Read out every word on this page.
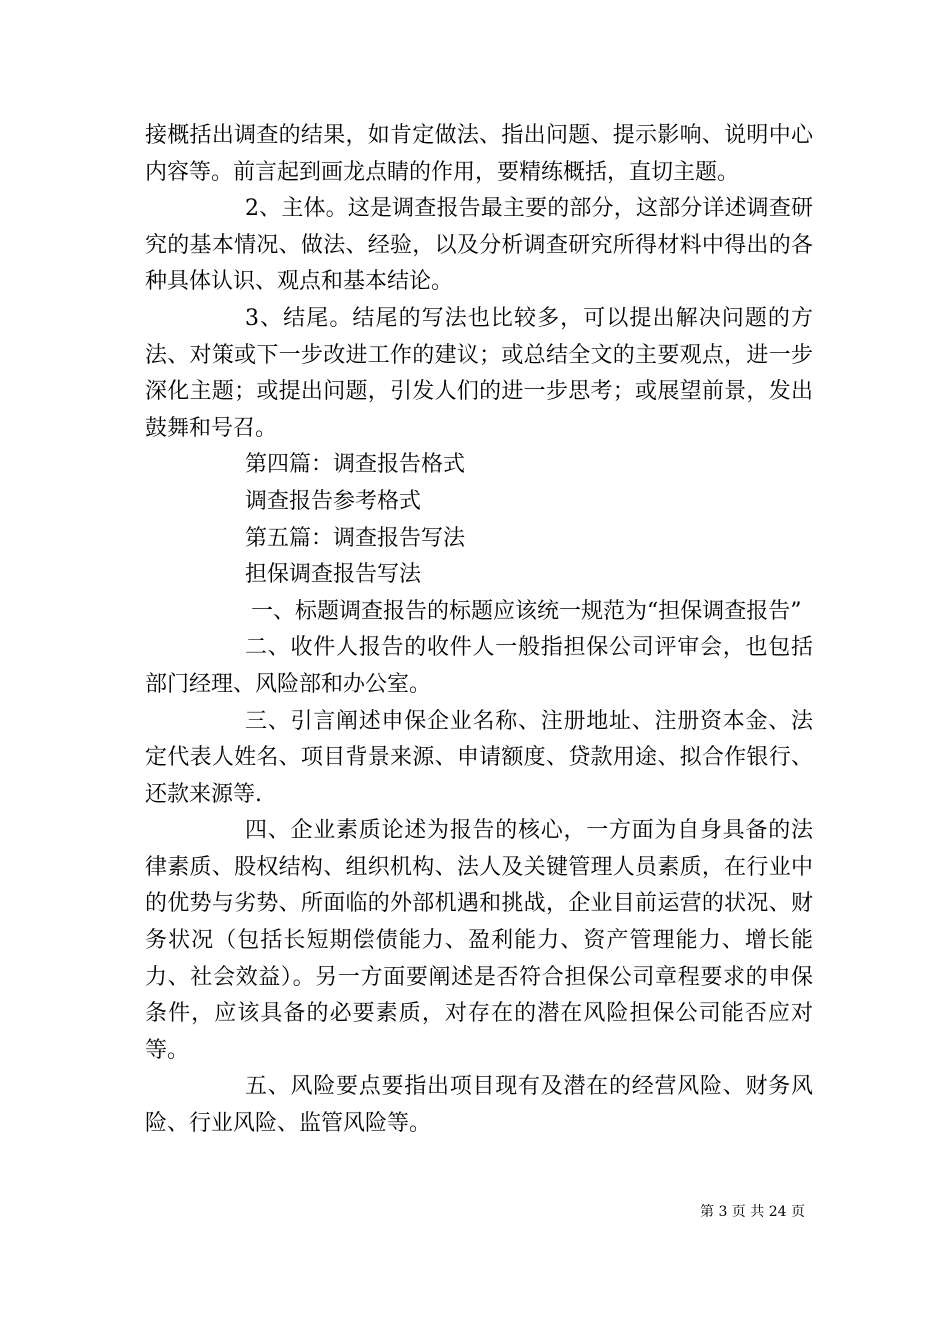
接概括出调查的结果，如肯定做法、指出问题、提示影响、说明中心内容等。前言起到画龙点睛的作用，要精练概括，直切主题。

2、主体。这是调查报告最主要的部分，这部分详述调查研究的基本情况、做法、经验，以及分析调查研究所得材料中得出的各种具体认识、观点和基本结论。

3、结尾。结尾的写法也比较多，可以提出解决问题的方法、对策或下一步改进工作的建议；或总结全文的主要观点，进一步深化主题；或提出问题，引发人们的进一步思考；或展望前景，发出鼓舞和号召。

第四篇：调查报告格式

调查报告参考格式

第五篇：调查报告写法

担保调查报告写法

一、标题调查报告的标题应该统一规范为“担保调查报告”

二、收件人报告的收件人一般指担保公司评审会，也包括部门经理、风险部和办公室。

三、引言阐述申保企业名称、注册地址、注册资本金、法定代表人姓名、项目背景来源、申请额度、贷款用途、拟合作银行、还款来源等.

四、企业素质论述为报告的核心，一方面为自身具备的法律素质、股权结构、组织机构、法人及关键管理人员素质，在行业中的优势与劣势、所面临的外部机遇和挑战，企业目前运营的状况、财务状况（包括长短期偿债能力、盈利能力、资产管理能力、增长能力、社会效益）。另一方面要阐述是否符合担保公司章程要求的申保条件，应该具备的必要素质，对存在的潜在风险担保公司能否应对等。

五、风险要点要指出项目现有及潜在的经营风险、财务风险、行业风险、监管风险等。

第 3 页 共 24 页
